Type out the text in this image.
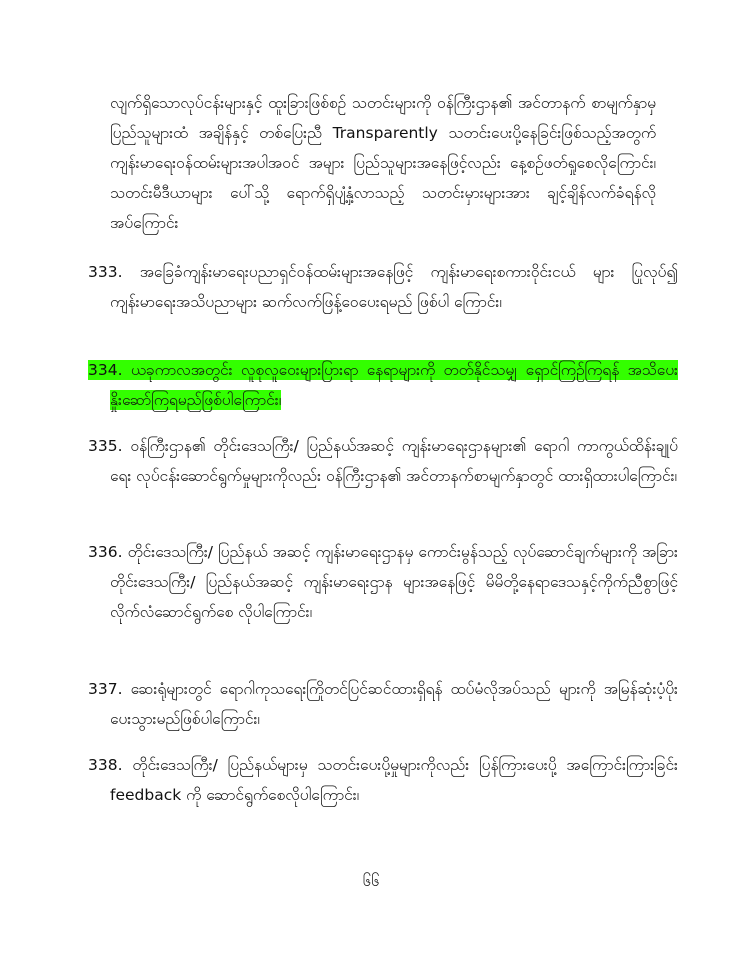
လျက်ရှိသောလုပ်ငန်းများနှင့် ထူးခြားဖြစ်စဉ် သတင်းများကို ဝန်ကြီးဌာန၏ အင်တာနက် စာမျက်နှာမှ ပြည်သူများထံ အချိန်နှင့် တစ်ပြေးညီ Transparently သတင်းပေးပို့နေခြင်းဖြစ်သည့်အတွက် ကျန်းမာရေးဝန်ထမ်းများအပါအဝင် အများ ပြည်သူများအနေဖြင့်လည်း နေ့စဉ်ဖတ်ရှုစေလိုကြောင်း၊ သတင်းမီဒီယာများ ပေါ်သို့ ရောက်ရှိပျံ့နှံ့လာသည့် သတင်းမှားများအား ချင့်ချိန်လက်ခံရန်လိုအပ်ကြောင်း
333. အခြေခံကျန်းမာရေးပညာရှင်ဝန်ထမ်းများအနေဖြင့် ကျန်းမာရေးစကားဝိုင်းငယ် များ ပြုလုပ်၍ ကျန်းမာရေးအသိပညာများ ဆက်လက်ဖြန့်ဝေပေးရမည် ဖြစ်ပါ ကြောင်း၊
334. ယခုကာလအတွင်း လူစုလူဝေးများပြားရာ နေရာများကို တတ်နိုင်သမျှ ရှောင်ကြဉ်ကြရန် အသိပေးနှိုးဆော်ကြရမည်ဖြစ်ပါကြောင်း၊
335. ဝန်ကြီးဌာန၏ တိုင်းဒေသကြီး/ ပြည်နယ်အဆင့် ကျန်းမာရေးဌာနများ၏ ရောဂါ ကာကွယ်ထိန်းချုပ်ရေး လုပ်ငန်းဆောင်ရွက်မှုများကိုလည်း ဝန်ကြီးဌာန၏ အင်တာနက်စာမျက်နှာတွင် ထားရှိထားပါကြောင်း၊
336. တိုင်းဒေသကြီး/ ပြည်နယ် အဆင့် ကျန်းမာရေးဌာနမှ ကောင်းမွန်သည့် လုပ်ဆောင်ချက်များကို အခြား တိုင်းဒေသကြီး/ ပြည်နယ်အဆင့် ကျန်းမာရေးဌာန များအနေဖြင့် မိမိတို့နေရာဒေသနှင့်ကိုက်ညီစွာဖြင့် လိုက်လံဆောင်ရွက်စေ လိုပါကြောင်း၊
337. ဆေးရုံများတွင် ရောဂါကုသရေးကြိုတင်ပြင်ဆင်ထားရှိရန် ထပ်မံလိုအပ်သည် များကို အမြန်ဆုံးပံ့ပိုးပေးသွားမည်ဖြစ်ပါကြောင်း၊
338. တိုင်းဒေသကြီး/ ပြည်နယ်များမှ သတင်းပေးပို့မှုများကိုလည်း ပြန်ကြားပေးပို့ အကြောင်းကြားခြင်း feedback ကို ဆောင်ရွက်စေလိုပါကြောင်း၊
၆၆
